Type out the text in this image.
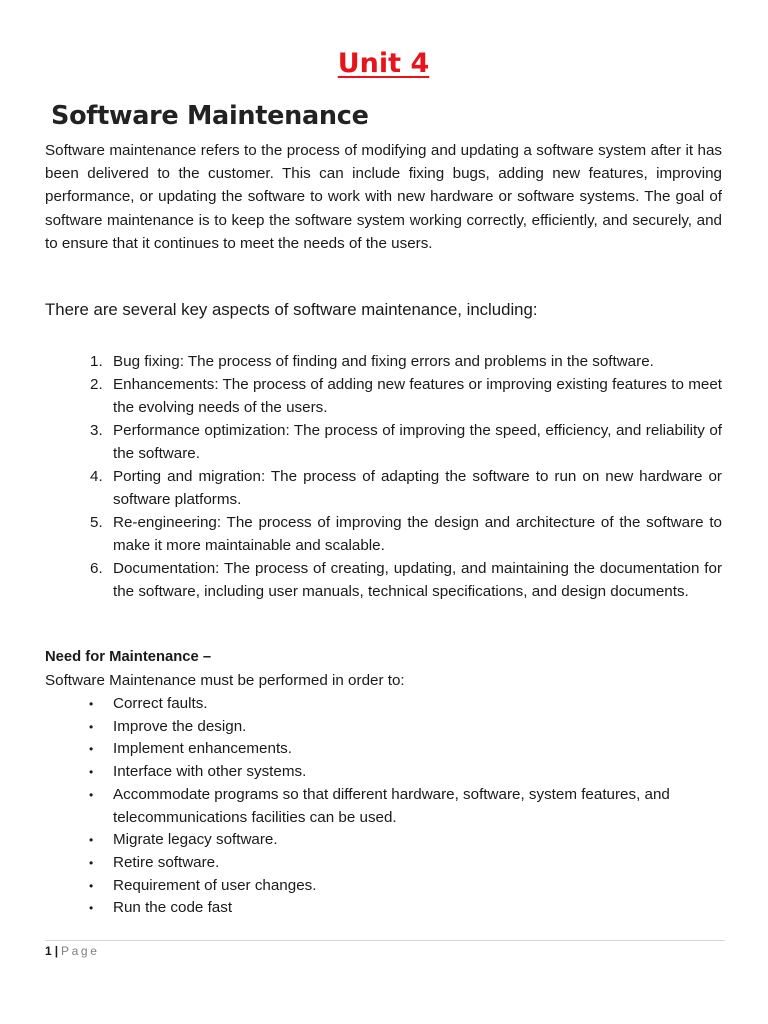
Unit 4
Software Maintenance

Software maintenance refers to the process of modifying and updating a software system after it has been delivered to the customer. This can include fixing bugs, adding new features, improving performance, or updating the software to work with new hardware or software systems. The goal of software maintenance is to keep the software system working correctly, efficiently, and securely, and to ensure that it continues to meet the needs of the users.

There are several key aspects of software maintenance, including:

1. Bug fixing: The process of finding and fixing errors and problems in the software.
2. Enhancements: The process of adding new features or improving existing features to meet the evolving needs of the users.
3. Performance optimization: The process of improving the speed, efficiency, and reliability of the software.
4. Porting and migration: The process of adapting the software to run on new hardware or software platforms.
5. Re-engineering: The process of improving the design and architecture of the software to make it more maintainable and scalable.
6. Documentation: The process of creating, updating, and maintaining the documentation for the software, including user manuals, technical specifications, and design documents.

Need for Maintenance –

Software Maintenance must be performed in order to:

• Correct faults.
• Improve the design.
• Implement enhancements.
• Interface with other systems.
• Accommodate programs so that different hardware, software, system features, and telecommunications facilities can be used.
• Migrate legacy software.
• Retire software.
• Requirement of user changes.
• Run the code fast
1 | Page
